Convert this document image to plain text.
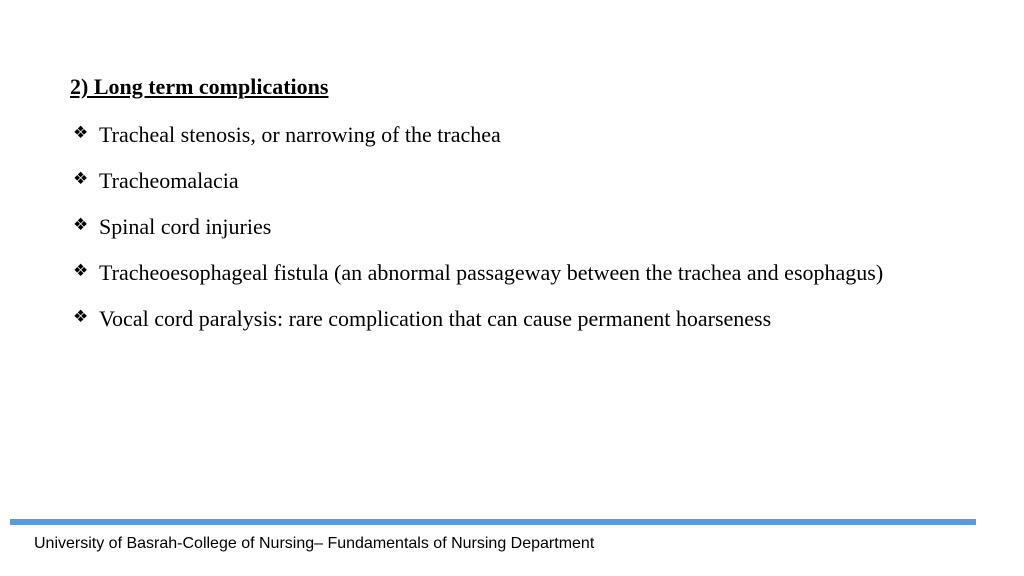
2) Long term complications
❖ Tracheal stenosis, or narrowing of the trachea
❖ Tracheomalacia
❖ Spinal cord injuries
❖ Tracheoesophageal fistula (an abnormal passageway between the trachea and esophagus)
❖ Vocal cord paralysis: rare complication that can cause permanent hoarseness
University of Basrah-College of Nursing– Fundamentals of Nursing Department
